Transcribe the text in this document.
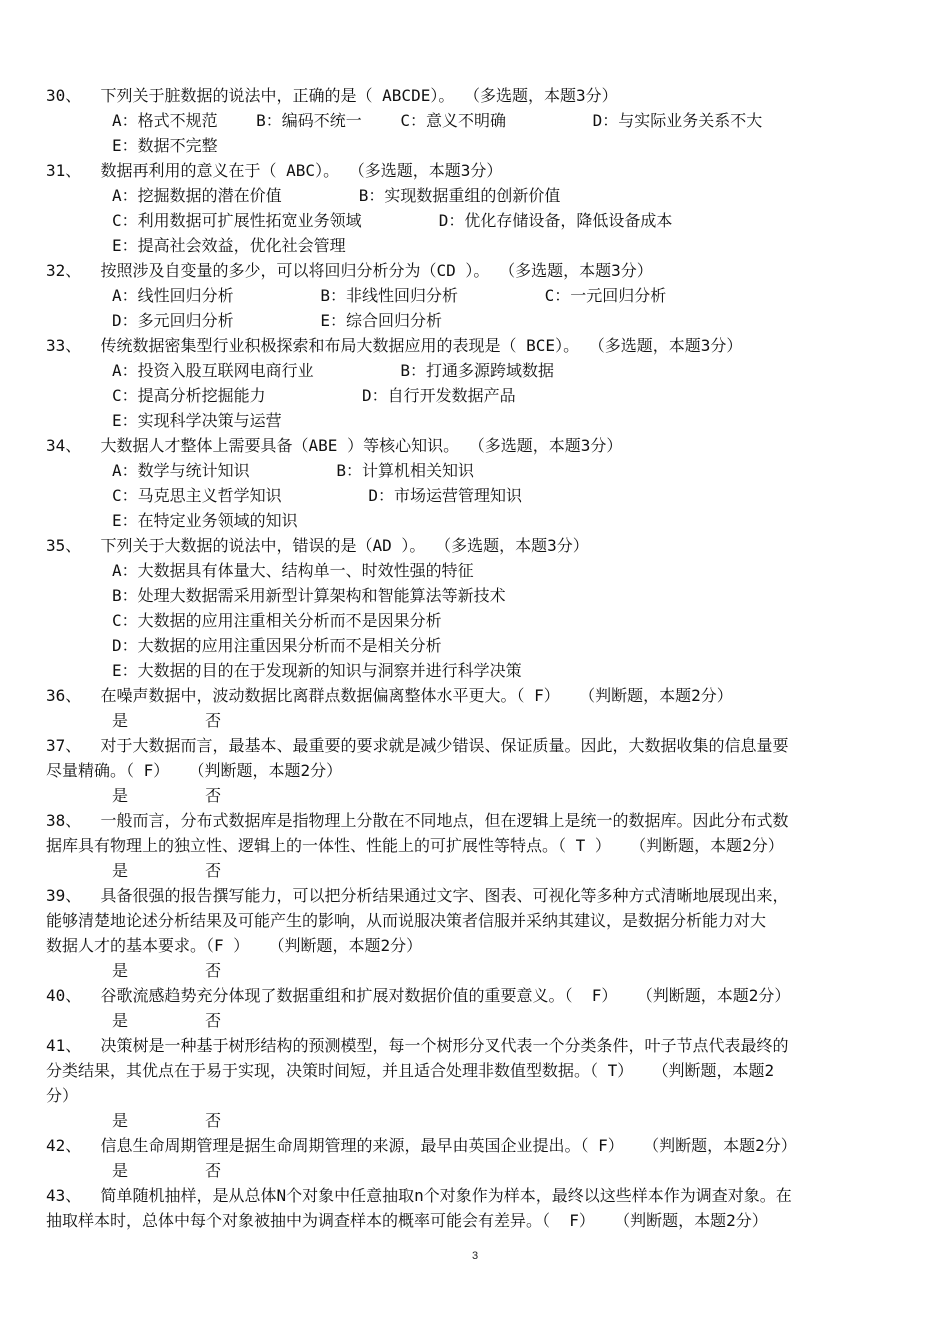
30、  下列关于脏数据的说法中，正确的是（ ABCDE）。 （多选题，本题3分）
A：格式不规范    B：编码不统一    C：意义不明确         D：与实际业务关系不大
E：数据不完整
31、  数据再利用的意义在于（ ABC）。 （多选题，本题3分）
A：挖掘数据的潜在价值        B：实现数据重组的创新价值
C：利用数据可扩展性拓宽业务领域        D：优化存储设备，降低设备成本
E：提高社会效益，优化社会管理
32、  按照涉及自变量的多少，可以将回归分析分为（CD ）。 （多选题，本题3分）
A：线性回归分析         B：非线性回归分析         C：一元回归分析
D：多元回归分析         E：综合回归分析
33、  传统数据密集型行业积极探索和布局大数据应用的表现是（ BCE）。 （多选题，本题3分）
A：投资入股互联网电商行业         B：打通多源跨域数据
C：提高分析挖掘能力          D：自行开发数据产品
E：实现科学决策与运营
34、  大数据人才整体上需要具备（ABE ）等核心知识。 （多选题，本题3分）
A：数学与统计知识         B：计算机相关知识
C：马克思主义哲学知识         D：市场运营管理知识
E：在特定业务领域的知识
35、  下列关于大数据的说法中，错误的是（AD ）。 （多选题，本题3分）
A：大数据具有体量大、结构单一、时效性强的特征
B：处理大数据需采用新型计算架构和智能算法等新技术
C：大数据的应用注重相关分析而不是因果分析
D：大数据的应用注重因果分析而不是相关分析
E：大数据的目的在于发现新的知识与洞察并进行科学决策
36、  在噪声数据中，波动数据比离群点数据偏离整体水平更大。（ F）  （判断题，本题2分）
是        否
37、  对于大数据而言，最基本、最重要的要求就是减少错误、保证质量。因此，大数据收集的信息量要
尽量精确。（ F）  （判断题，本题2分）
是        否
38、  一般而言，分布式数据库是指物理上分散在不同地点，但在逻辑上是统一的数据库。因此分布式数
据库具有物理上的独立性、逻辑上的一体性、性能上的可扩展性等特点。（ T ）  （判断题，本题2分）
是        否
39、  具备很强的报告撰写能力，可以把分析结果通过文字、图表、可视化等多种方式清晰地展现出来，
能够清楚地论述分析结果及可能产生的影响，从而说服决策者信服并采纳其建议，是数据分析能力对大
数据人才的基本要求。（F ）  （判断题，本题2分）
是        否
40、  谷歌流感趋势充分体现了数据重组和扩展对数据价值的重要意义。（  F）  （判断题，本题2分）
是        否
41、  决策树是一种基于树形结构的预测模型，每一个树形分叉代表一个分类条件，叶子节点代表最终的
分类结果，其优点在于易于实现，决策时间短，并且适合处理非数值型数据。（ T）  （判断题，本题2
分）
是        否
42、  信息生命周期管理是据生命周期管理的来源，最早由英国企业提出。（ F）  （判断题，本题2分）
是        否
43、  简单随机抽样，是从总体N个对象中任意抽取n个对象作为样本，最终以这些样本作为调查对象。在
抽取样本时，总体中每个对象被抽中为调查样本的概率可能会有差异。（  F）  （判断题，本题2分）
3
